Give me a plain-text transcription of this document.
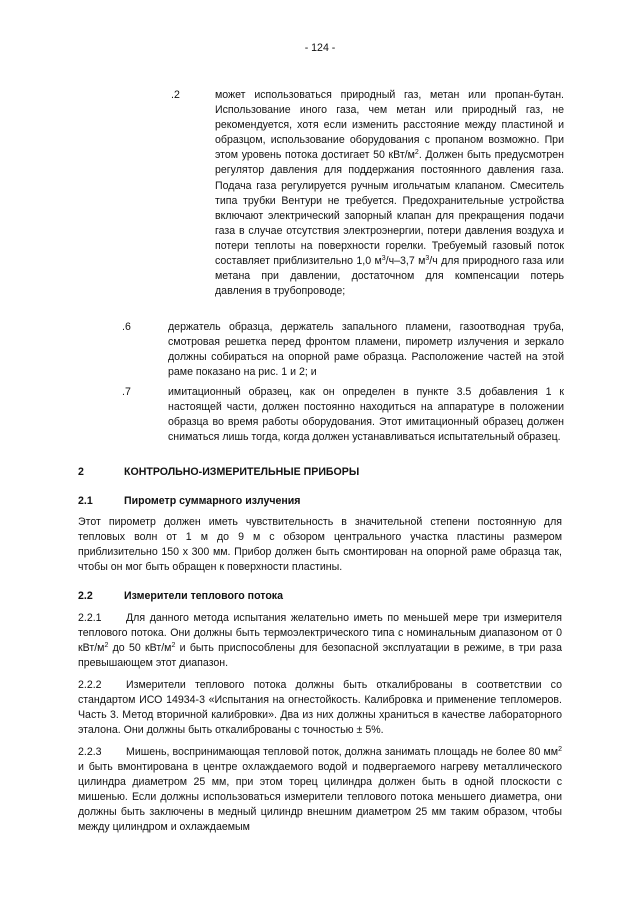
- 124 -
.2	может использоваться природный газ, метан или пропан-бутан. Использование иного газа, чем метан или природный газ, не рекомендуется, хотя если изменить расстояние между пластиной и образцом, использование оборудования с пропаном возможно. При этом уровень потока достигает 50 кВт/$м^2$. Должен быть предусмотрен регулятор давления для поддержания постоянного давления газа. Подача газа регулируется ручным игольчатым клапаном. Смеситель типа трубки Вентури не требуется. Предохранительные устройства включают электрический запорный клапан для прекращения подачи газа в случае отсутствия электроэнергии, потери давления воздуха и потери теплоты на поверхности горелки. Требуемый газовый поток составляет приблизительно 1,0 $м^3/ч-3,7$ $м^3/ч$ для природного газа или метана при давлении, достаточном для компенсации потерь давления в трубопроводе;
.6	держатель образца, держатель запального пламени, газоотводная труба, смотровая решетка перед фронтом пламени, пирометр излучения и зеркало должны собираться на опорной раме образца. Расположение частей на этой раме показано на рис. 1 и 2; и
.7	имитационный образец, как он определен в пункте 3.5 добавления 1 к настоящей части, должен постоянно находиться на аппаратуре в положении образца во время работы оборудования. Этот имитационный образец должен сниматься лишь тогда, когда должен устанавливаться испытательный образец.
2	КОНТРОЛЬНО-ИЗМЕРИТЕЛЬНЫЕ ПРИБОРЫ
2.1	Пирометр суммарного излучения
Этот пирометр должен иметь чувствительность в значительной степени постоянную для тепловых волн от 1 м до 9 м с обзором центрального участка пластины размером приблизительно 150 x 300 мм. Прибор должен быть смонтирован на опорной раме образца так, чтобы он мог быть обращен к поверхности пластины.
2.2	Измерители теплового потока
2.2.1 Для данного метода испытания желательно иметь по меньшей мере три измерителя теплового потока. Они должны быть термоэлектрического типа с номинальным диапазоном от 0 кВт/$м^2$ до 50 кВт/$м^2$ и быть приспособлены для безопасной эксплуатации в режиме, в три раза превышающем этот диапазон.
2.2.2 Измерители теплового потока должны быть откалиброваны в соответствии со стандартом ИСО 14934-3 «Испытания на огнестойкость. Калибровка и применение тепломеров. Часть 3. Метод вторичной калибровки». Два из них должны храниться в качестве лабораторного эталона. Они должны быть откалиброваны с точностью ± 5%.
2.2.3 Мишень, воспринимающая тепловой поток, должна занимать площадь не более 80 $мм^2$ и быть вмонтирована в центре охлаждаемого водой и подвергаемого нагреву металлического цилиндра диаметром 25 мм, при этом торец цилиндра должен быть в одной плоскости с мишенью. Если должны использоваться измерители теплового потока меньшего диаметра, они должны быть заключены в медный цилиндр внешним диаметром 25 мм таким образом, чтобы между цилиндром и охлаждаемым
